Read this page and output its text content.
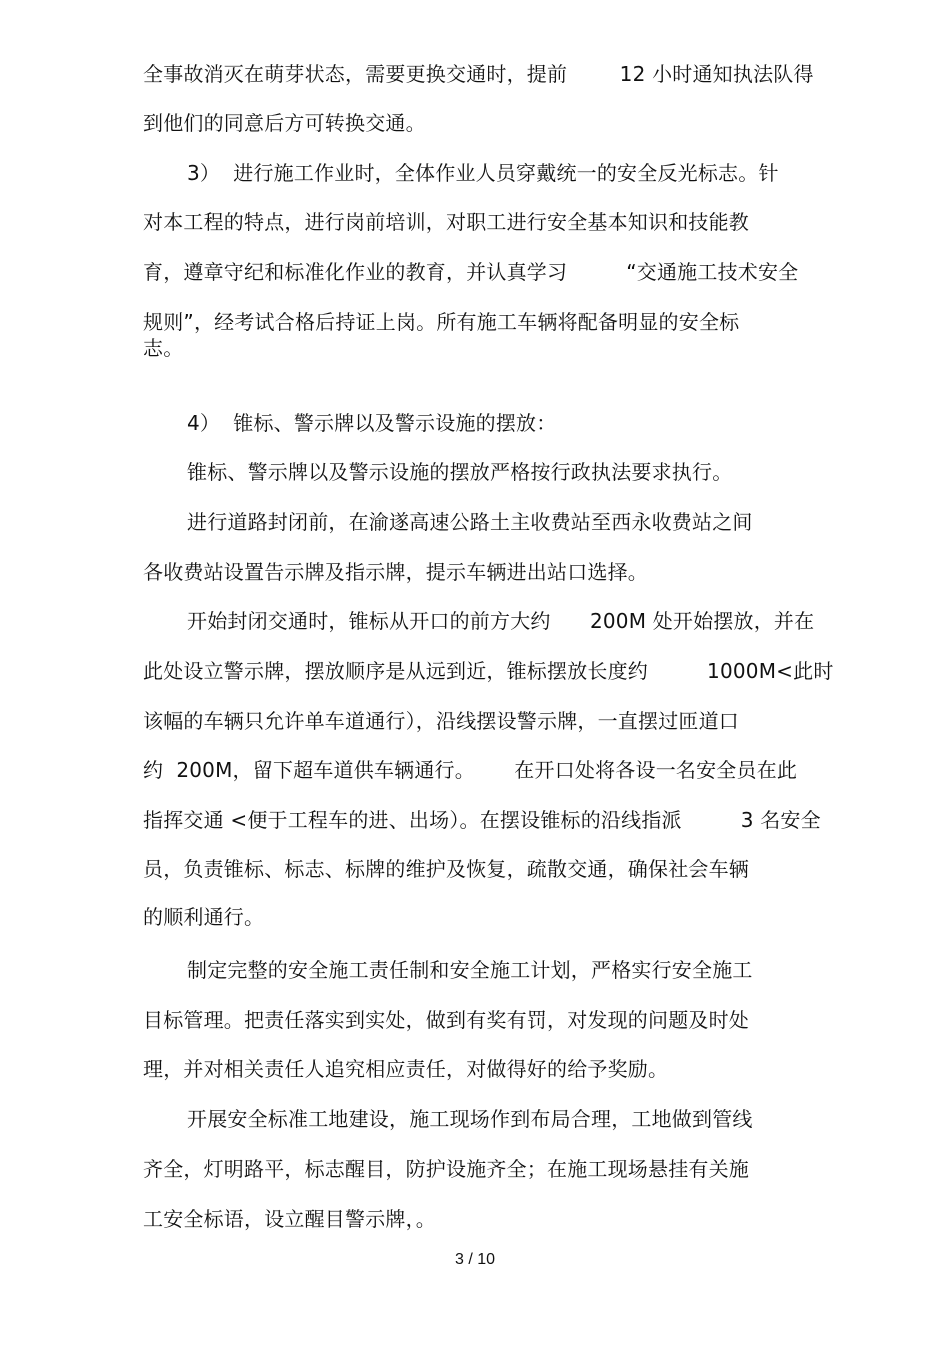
全事故消灭在萌芽状态，需要更换交通时，提前        12 小时通知执法队得
到他们的同意后方可转换交通。
3）  进行施工作业时，全体作业人员穿戴统一的安全反光标志。针
对本工程的特点，进行岗前培训，对职工进行安全基本知识和技能教
育，遵章守纪和标准化作业的教育，并认真学习         “交通施工技术安全
规则”，经考试合格后持证上岗。所有施工车辆将配备明显的安全标
志。
4）  锥标、警示牌以及警示设施的摆放：
锥标、警示牌以及警示设施的摆放严格按行政执法要求执行。
进行道路封闭前，在渝遂高速公路土主收费站至西永收费站之间
各收费站设置告示牌及指示牌，提示车辆进出站口选择。
开始封闭交通时，锥标从开口的前方大约      200M 处开始摆放，并在
此处设立警示牌，摆放顺序是从远到近，锥标摆放长度约         1000M<此时
该幅的车辆只允许单车道通行），沿线摆设警示牌，一直摆过匝道口
约  200M，留下超车道供车辆通行。      在开口处将各设一名安全员在此
指挥交通 <便于工程车的进、出场）。在摆设锥标的沿线指派         3 名安全
员，负责锥标、标志、标牌的维护及恢复，疏散交通，确保社会车辆
的顺利通行。
制定完整的安全施工责任制和安全施工计划，严格实行安全施工
目标管理。把责任落实到实处，做到有奖有罚，对发现的问题及时处
理，并对相关责任人追究相应责任，对做得好的给予奖励。
开展安全标准工地建设，施工现场作到布局合理，工地做到管线
齐全，灯明路平，标志醒目，防护设施齐全；在施工现场悬挂有关施
工安全标语，设立醒目警示牌，。
3 / 10
